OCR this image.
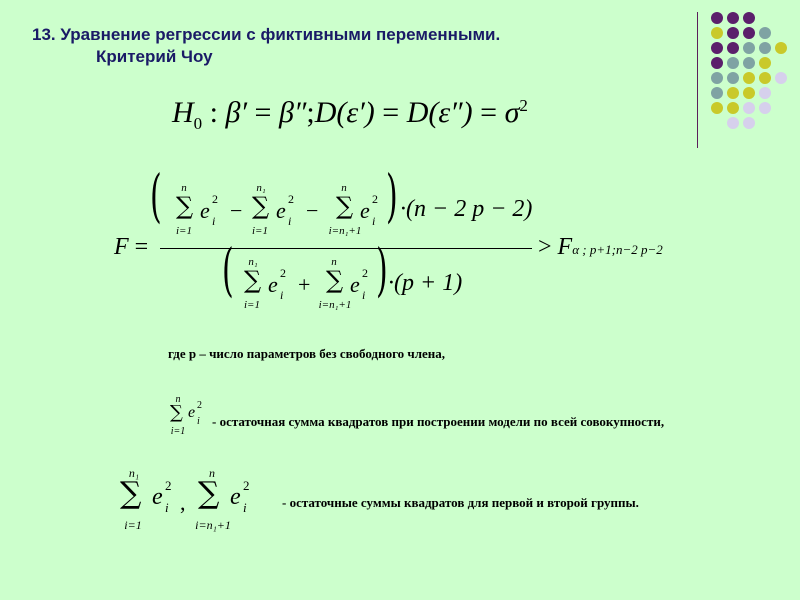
13. Уравнение регрессии с фиктивными переменными.
Критерий Чоу
$H_0$ : β′ = β″;D(ε′) = $D(\varepsilon'') = \sigma^2$
F =
(	n
∑
i=1
e 2
i −
n₁
∑
i=1
e 2
i −
n
∑
i=n₁+1
e 2
i ) ·(n − 2 p − 2)
(	n₁
∑
i=1
e 2
i +
n
∑
i=n₁+1
e 2
i ) ·(p + 1)
> Fα ; p+1;n−2 p−2
где р – число параметров без свободного члена,
n
∑
i=1
e 2
i - остаточная сумма квадратов при построении модели по всей совокупности,
n₁
∑
i=1
e 2
i ,
n
∑
i=n₁+1
e 2
i	- остаточные суммы квадратов для первой и второй группы.
